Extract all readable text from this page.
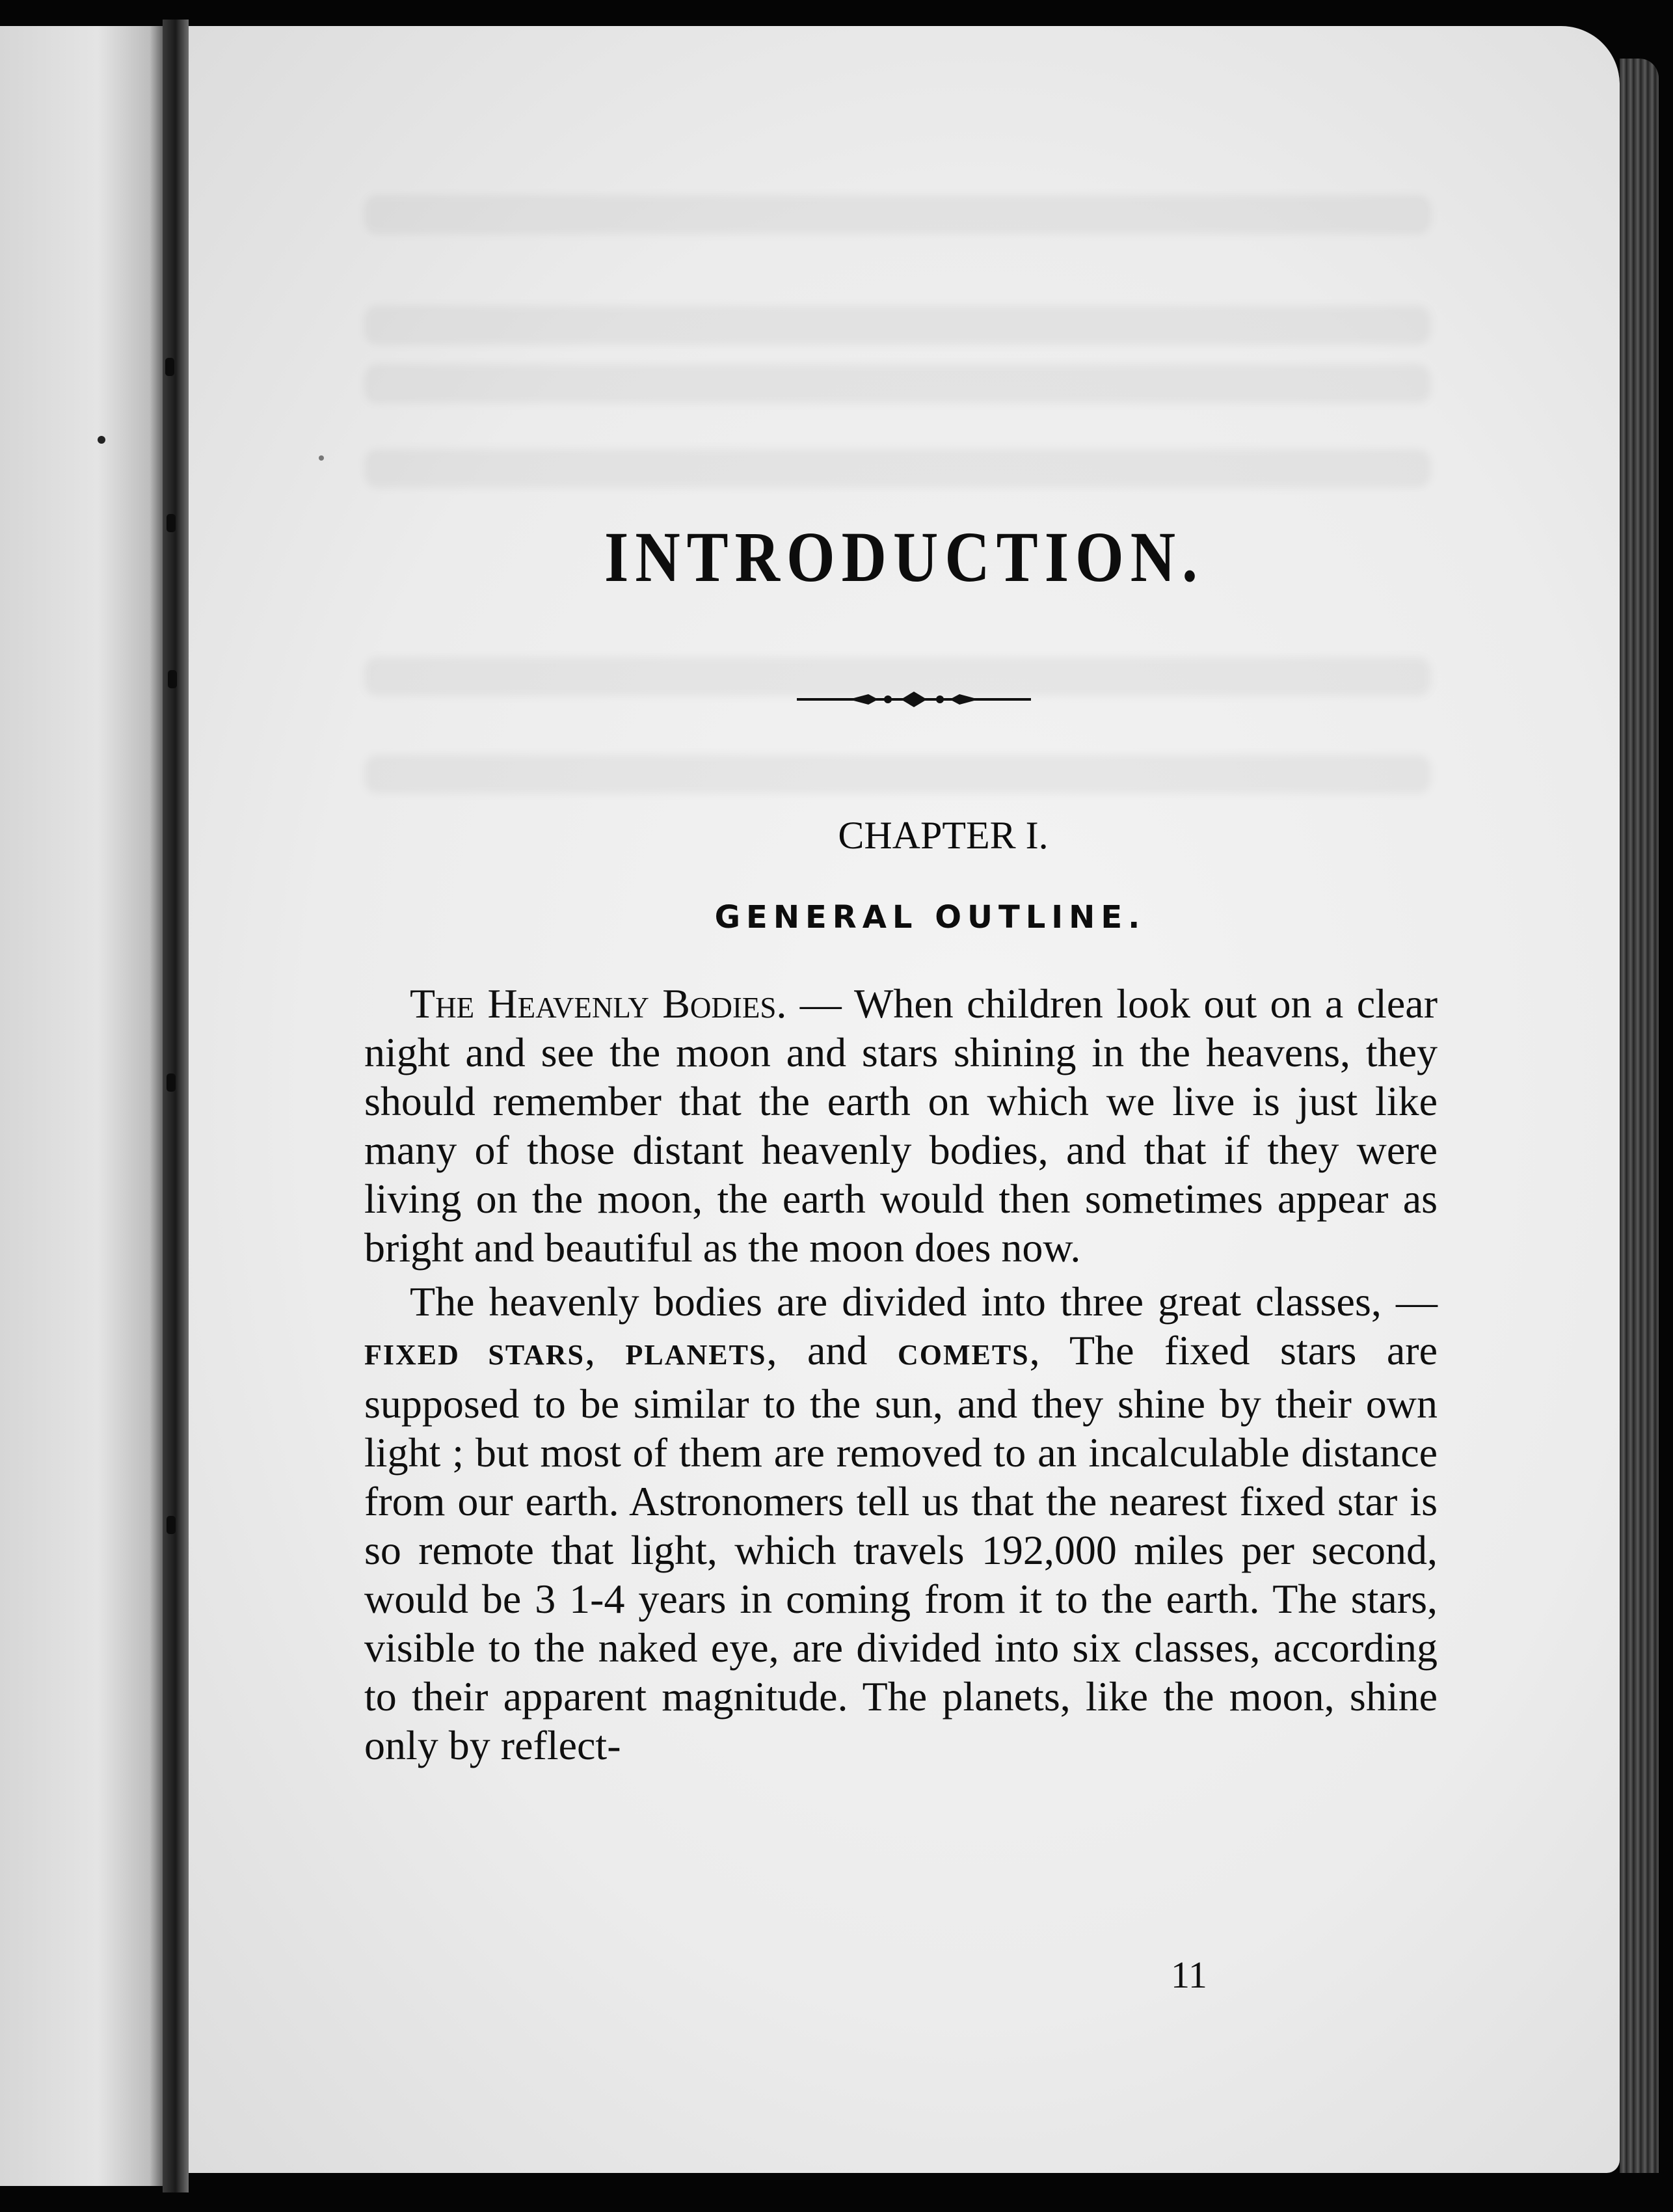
INTRODUCTION.
CHAPTER I.
GENERAL OUTLINE.

The Heavenly Bodies. — When children look out on a clear night and see the moon and stars shining in the heavens, they should remember that the earth on which we live is just like many of those distant heavenly bodies, and that if they were living on the moon, the earth would then sometimes appear as bright and beautiful as the moon does now.

The heavenly bodies are divided into three great classes, — FIXED STARS, PLANETS, and COMETS, The fixed stars are supposed to be similar to the sun, and they shine by their own light ; but most of them are removed to an incalculable distance from our earth. Astronomers tell us that the nearest fixed star is so remote that light, which travels 192,000 miles per second, would be 3 1-4 years in coming from it to the earth. The stars, visible to the naked eye, are divided into six classes, according to their apparent magnitude. The planets, like the moon, shine only by reflect-

11
